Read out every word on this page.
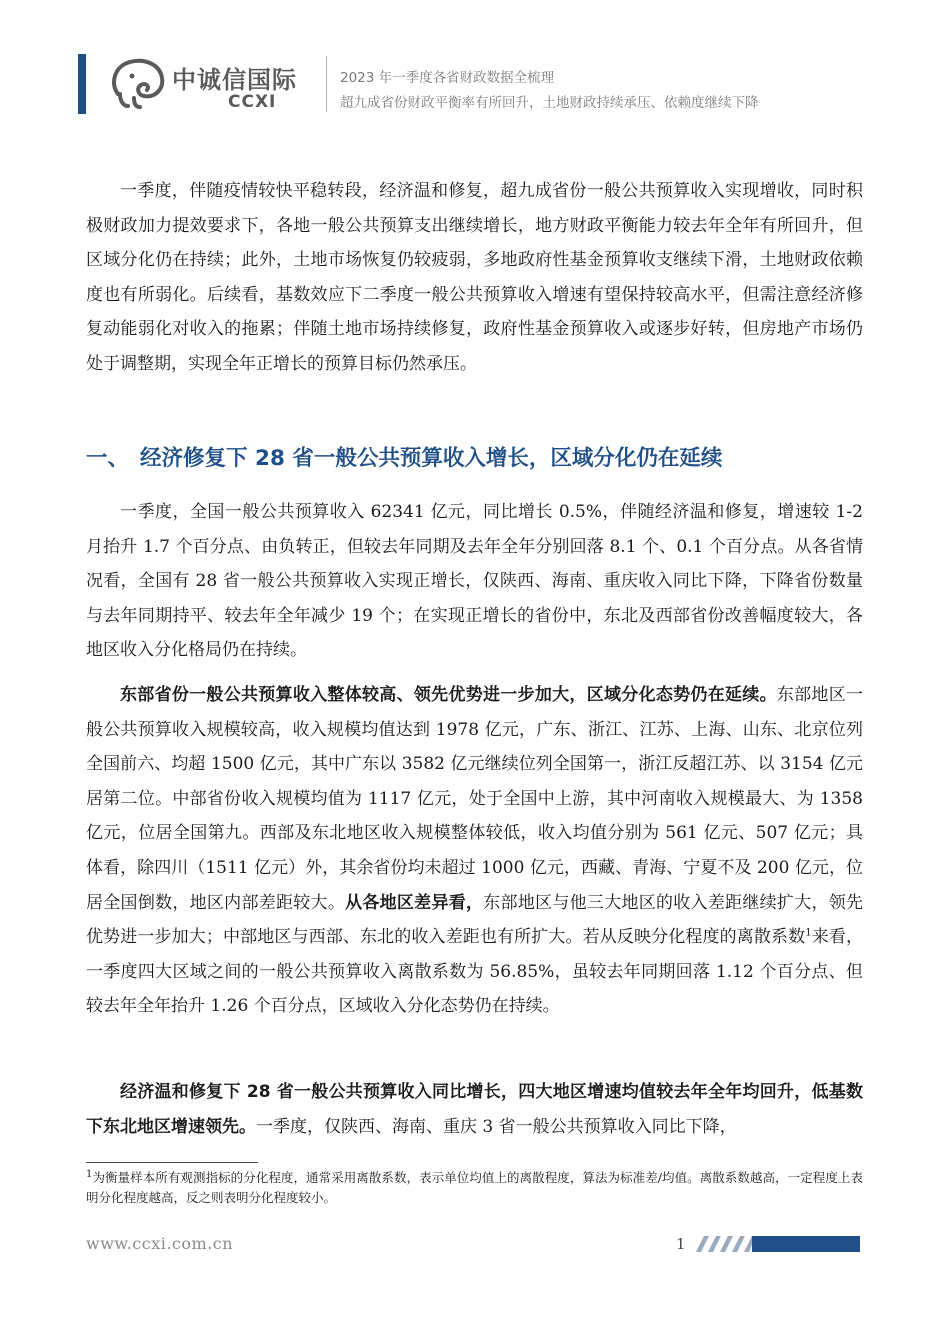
中诚信国际
CCXI
2023 年一季度各省财政数据全梳理
超九成省份财政平衡率有所回升，土地财政持续承压、依赖度继续下降

一季度，伴随疫情较快平稳转段，经济温和修复，超九成省份一般公共预算收入实现增收，同时积极财政加力提效要求下，各地一般公共预算支出继续增长，地方财政平衡能力较去年全年有所回升，但区域分化仍在持续；此外，土地市场恢复仍较疲弱，多地政府性基金预算收支继续下滑，土地财政依赖度也有所弱化。后续看，基数效应下二季度一般公共预算收入增速有望保持较高水平，但需注意经济修复动能弱化对收入的拖累；伴随土地市场持续修复，政府性基金预算收入或逐步好转，但房地产市场仍处于调整期，实现全年正增长的预算目标仍然承压。

一、 经济修复下 28 省一般公共预算收入增长，区域分化仍在延续

一季度，全国一般公共预算收入 62341 亿元，同比增长 0.5%，伴随经济温和修复，增速较 1-2 月抬升 1.7 个百分点、由负转正，但较去年同期及去年全年分别回落 8.1 个、0.1 个百分点。从各省情况看，全国有 28 省一般公共预算收入实现正增长，仅陕西、海南、重庆收入同比下降，下降省份数量与去年同期持平、较去年全年减少 19 个；在实现正增长的省份中，东北及西部省份改善幅度较大，各地区收入分化格局仍在持续。

东部省份一般公共预算收入整体较高、领先优势进一步加大，区域分化态势仍在延续。东部地区一般公共预算收入规模较高，收入规模均值达到 1978 亿元，广东、浙江、江苏、上海、山东、北京位列全国前六、均超 1500 亿元，其中广东以 3582 亿元继续位列全国第一，浙江反超江苏、以 3154 亿元居第二位。中部省份收入规模均值为 1117 亿元，处于全国中上游，其中河南收入规模最大、为 1358 亿元，位居全国第九。西部及东北地区收入规模整体较低，收入均值分别为 561 亿元、507 亿元；具体看，除四川（1511 亿元）外，其余省份均未超过 1000 亿元，西藏、青海、宁夏不及 200 亿元，位居全国倒数，地区内部差距较大。从各地区差异看，东部地区与他三大地区的收入差距继续扩大，领先优势进一步加大；中部地区与西部、东北的收入差距也有所扩大。若从反映分化程度的离散系数$^1$来看，一季度四大区域之间的一般公共预算收入离散系数为 56.85%，虽较去年同期回落 1.12 个百分点、但较去年全年抬升 1.26 个百分点，区域收入分化态势仍在持续。

经济温和修复下 28 省一般公共预算收入同比增长，四大地区增速均值较去年全年均回升，低基数下东北地区增速领先。一季度，仅陕西、海南、重庆 3 省一般公共预算收入同比下降，

$^1$为衡量样本所有观测指标的分化程度，通常采用离散系数，表示单位均值上的离散程度，算法为标准差/均值。离散系数越高，一定程度上表明分化程度越高，反之则表明分化程度较小。

www.ccxi.com.cn	1
